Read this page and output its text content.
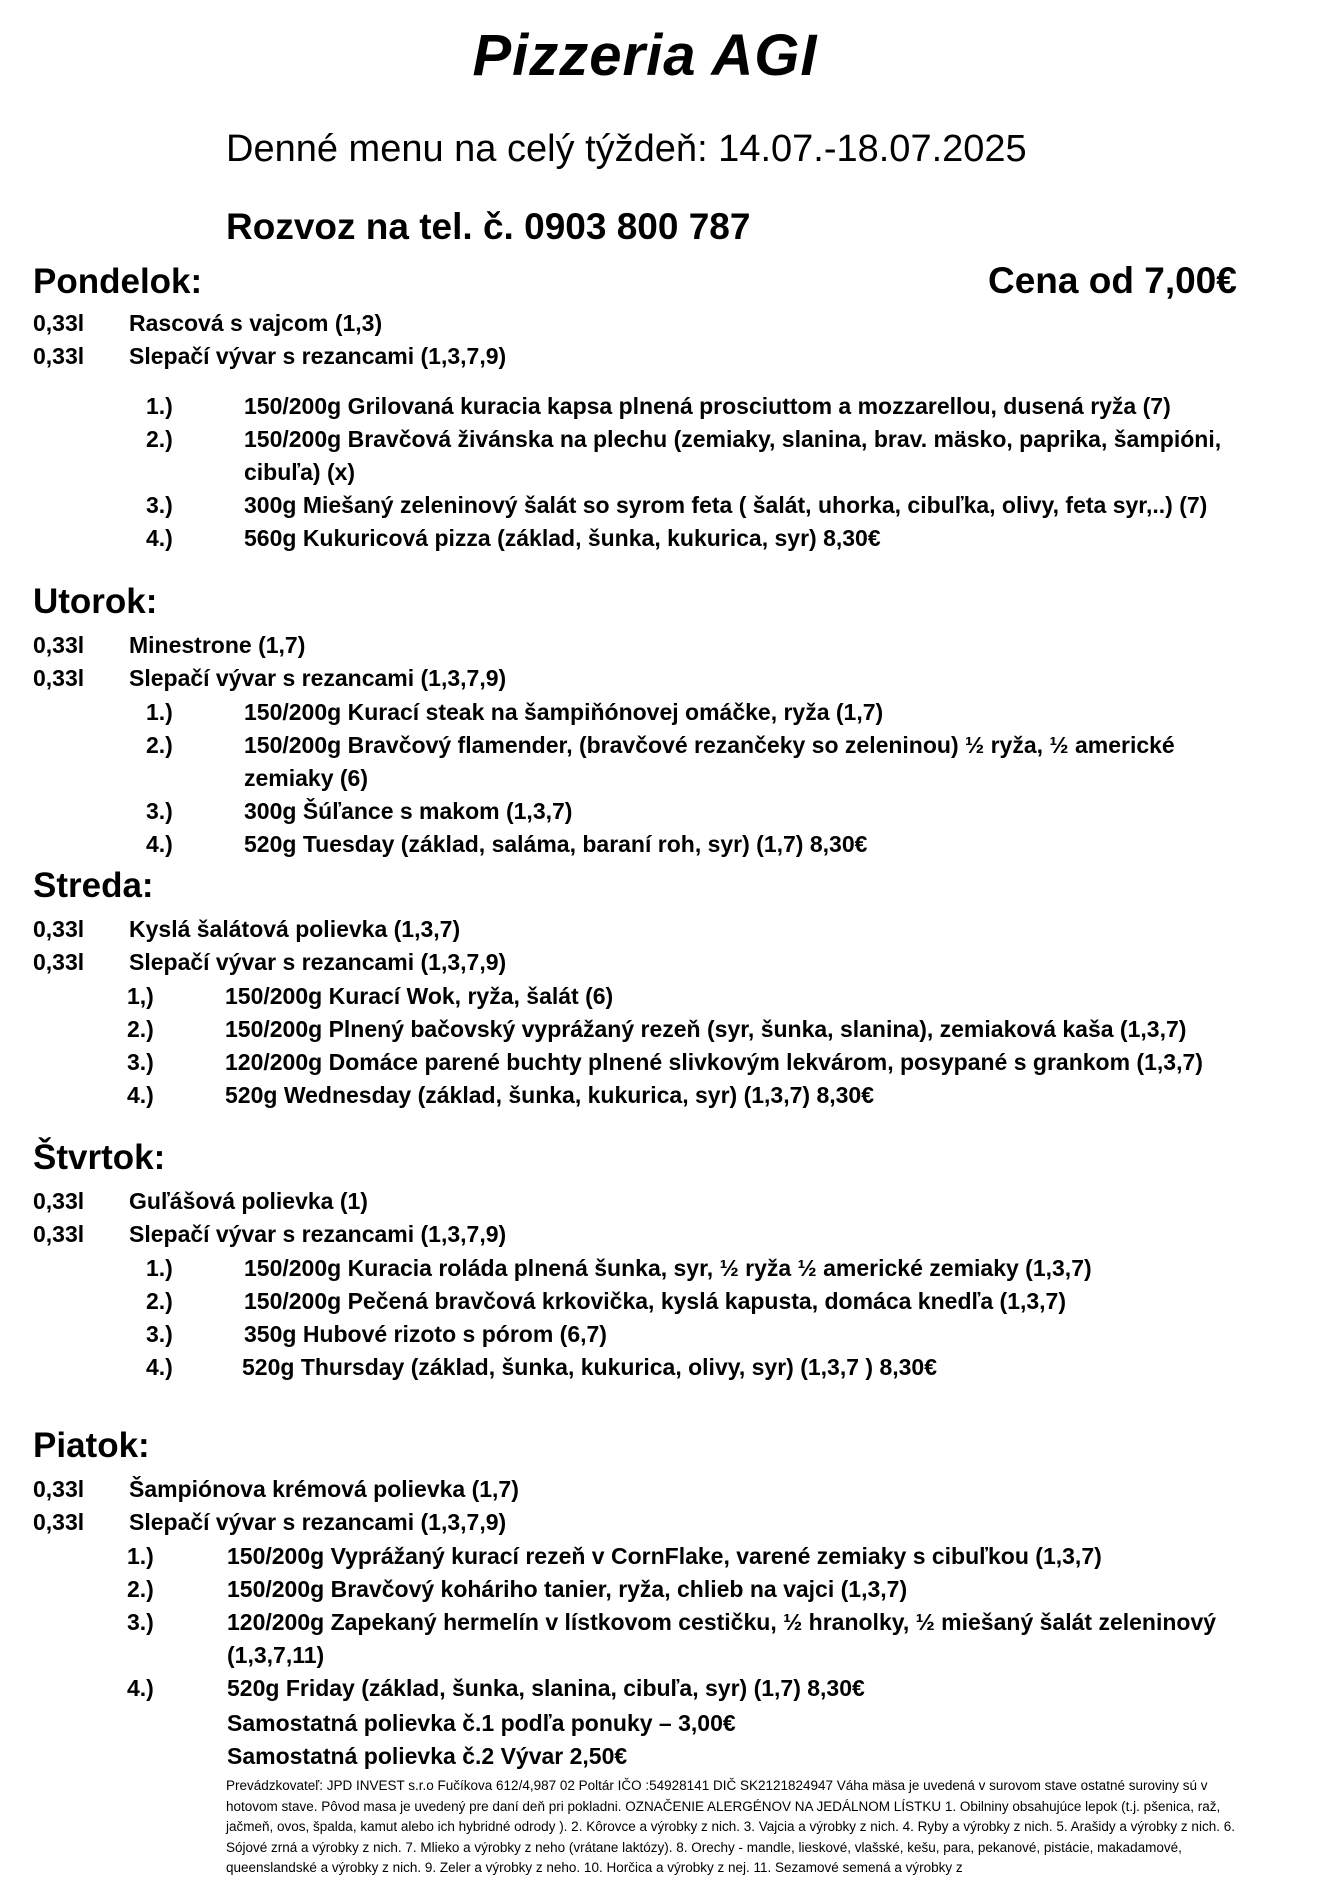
Pizzeria AGI
Denné menu na celý týždeň: 14.07.-18.07.2025
Rozvoz na tel. č. 0903 800 787
Cena od 7,00€
Pondelok:
0,33l Rascová s vajcom (1,3)
0,33l Slepačí vývar s rezancami (1,3,7,9)
1.)	150/200g Grilovaná kuracia kapsa plnená prosciuttom a mozzarellou, dusená ryža (7)
2.)	150/200g Bravčová živánska na plechu (zemiaky, slanina, brav. mäsko, paprika, šampióni, cibuľa) (x)
3.)	300g Miešaný zeleninový šalát so syrom feta ( šalát, uhorka, cibuľka, olivy, feta syr,..) (7)
4.)	560g Kukuricová pizza (základ, šunka, kukurica, syr) 8,30€
Utorok:
0,33l Minestrone (1,7)
0,33l Slepačí vývar s rezancami (1,3,7,9)
1.)	150/200g Kurací steak na šampiňónovej omáčke, ryža (1,7)
2.)	150/200g Bravčový flamender, (bravčové rezančeky so zeleninou) ½ ryža, ½ americké zemiaky (6)
3.)	300g Šúľance s makom (1,3,7)
4.)	520g Tuesday (základ, saláma, baraní roh, syr) (1,7) 8,30€
Streda:
0,33l Kyslá šalátová polievka (1,3,7)
0,33l Slepačí vývar s rezancami (1,3,7,9)
1,)	150/200g Kurací Wok, ryža, šalát (6)
2.)	150/200g Plnený bačovský vyprážaný rezeň (syr, šunka, slanina), zemiaková kaša (1,3,7)
3.)	120/200g Domáce parené buchty plnené slivkovým lekvárom, posypané s grankom (1,3,7)
4.)	520g Wednesday (základ, šunka, kukurica, syr) (1,3,7) 8,30€
Štvrtok:
0,33l Guľášová polievka (1)
0,33l Slepačí vývar s rezancami (1,3,7,9)
1.)	150/200g Kuracia roláda plnená šunka, syr, ½ ryža ½ americké zemiaky (1,3,7)
2.)	150/200g Pečená bravčová krkovička, kyslá kapusta, domáca knedľa (1,3,7)
3.)	350g Hubové rizoto s pórom (6,7)
4.)	520g Thursday (základ, šunka, kukurica, olivy, syr) (1,3,7 ) 8,30€
Piatok:
0,33l Šampiónova krémová polievka (1,7)
0,33l Slepačí vývar s rezancami (1,3,7,9)
1.)	150/200g Vyprážaný kurací rezeň v CornFlake, varené zemiaky s cibuľkou (1,3,7)
2.)	150/200g Bravčový koháriho tanier, ryža, chlieb na vajci (1,3,7)
3.)	120/200g Zapekaný hermelín v lístkovom cestičku, ½ hranolky, ½ miešaný šalát zeleninový (1,3,7,11)
4.)	520g Friday (základ, šunka, slanina, cibuľa, syr) (1,7) 8,30€
Samostatná polievka č.1 podľa ponuky – 3,00€
Samostatná polievka č.2 Vývar 2,50€
Prevádzkovateľ: JPD INVEST s.r.o Fučíkova 612/4,987 02 Poltár IČO :54928141 DIČ SK2121824947 Váha mäsa je uvedená v surovom stave ostatné suroviny sú v hotovom stave. Pôvod masa je uvedený pre daní deň pri pokladni. OZNAČENIE ALERGÉNOV NA JEDÁLNOM LÍSTKU 1. Obilniny obsahujúce lepok (t.j. pšenica, raž, jačmeň, ovos, špalda, kamut alebo ich hybridné odrody ). 2. Kôrovce a výrobky z nich. 3. Vajcia a výrobky z nich. 4. Ryby a výrobky z nich. 5. Arašidy a výrobky z nich. 6. Sójové zrná a výrobky z nich. 7. Mlieko a výrobky z neho (vrátane laktózy). 8. Orechy - mandle, lieskové, vlašské, kešu, para, pekanové, pistácie, makadamové, queenslandské a výrobky z nich. 9. Zeler a výrobky z neho. 10. Horčica a výrobky z nej. 11. Sezamové semená a výrobky z
